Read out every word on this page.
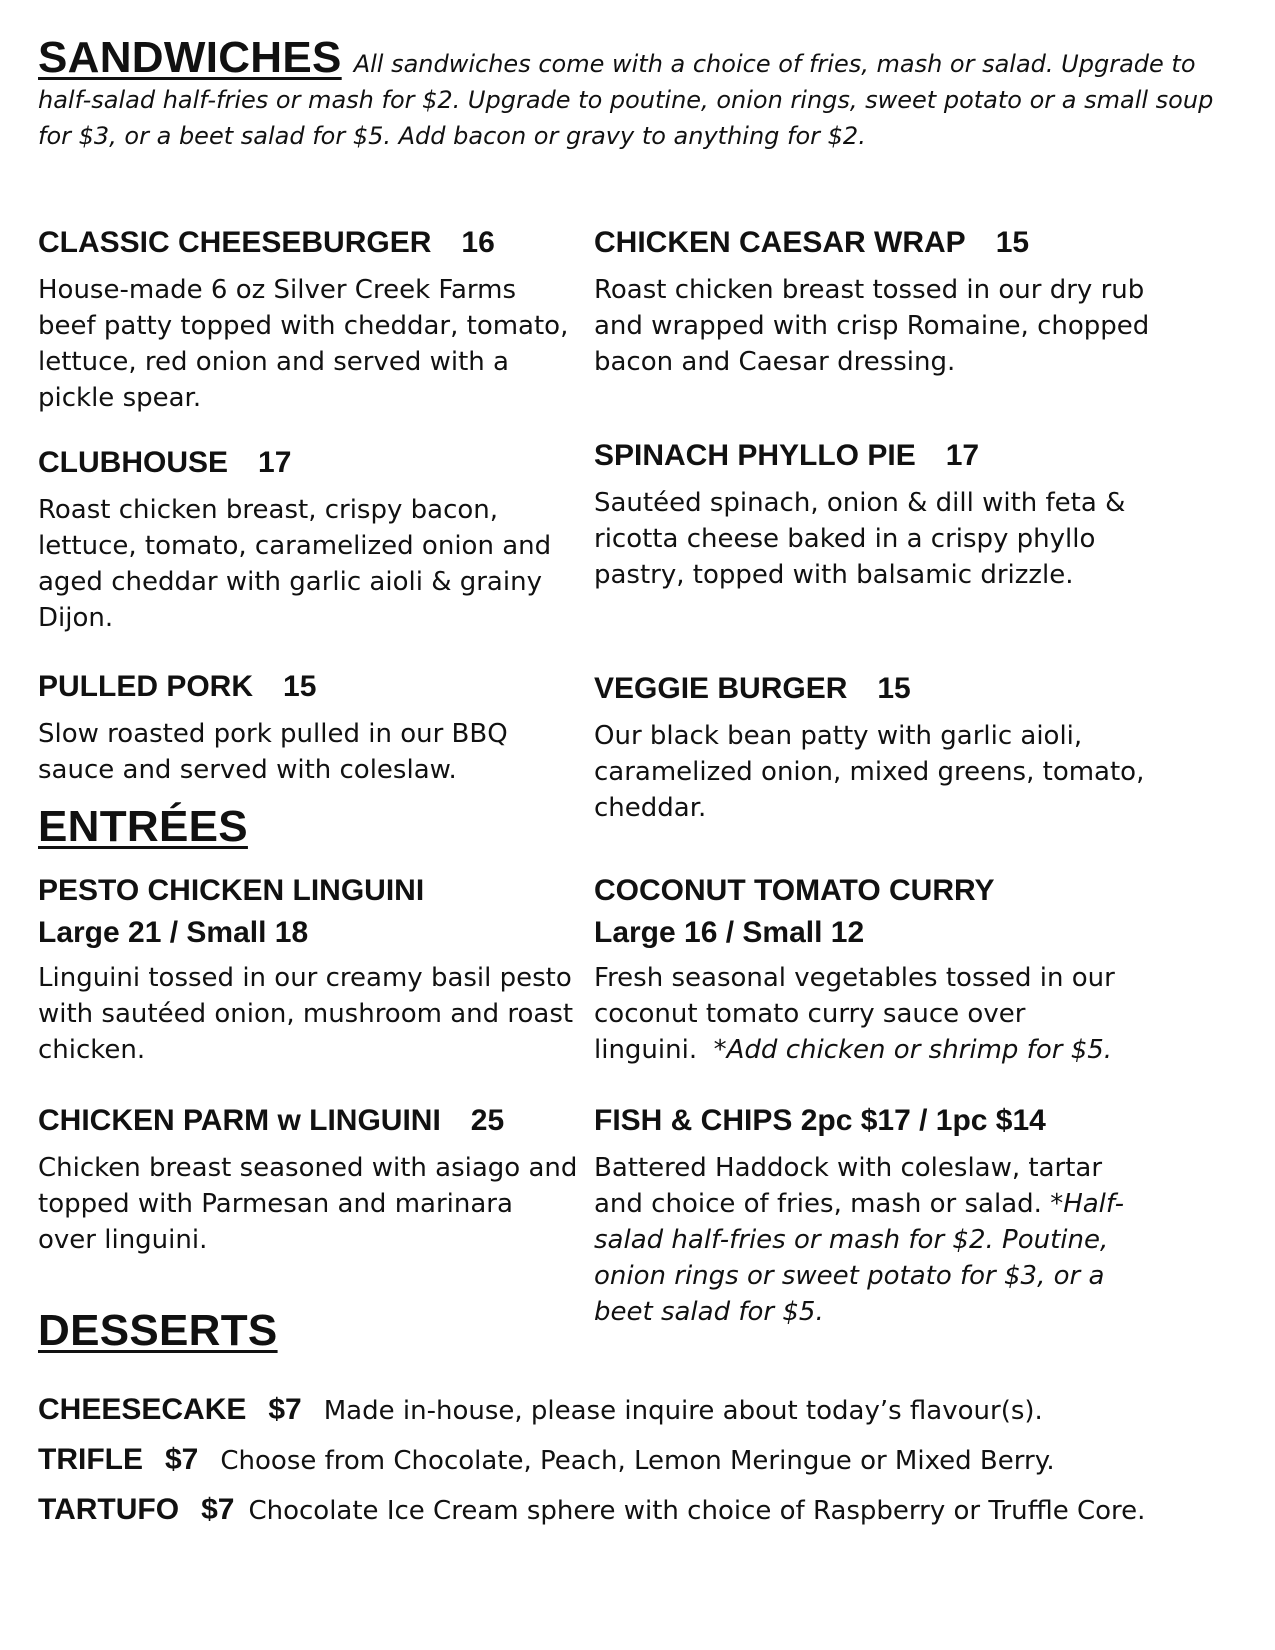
SANDWICHES All sandwiches come with a choice of fries, mash or salad. Upgrade to half-salad half-fries or mash for $2. Upgrade to poutine, onion rings, sweet potato or a small soup for $3, or a beet salad for $5. Add bacon or gravy to anything for $2.
CLASSIC CHEESEBURGER 16
House-made 6 oz Silver Creek Farms beef patty topped with cheddar, tomato, lettuce, red onion and served with a pickle spear.
CLUBHOUSE 17
Roast chicken breast, crispy bacon, lettuce, tomato, caramelized onion and aged cheddar with garlic aioli & grainy Dijon.
PULLED PORK 15
Slow roasted pork pulled in our BBQ sauce and served with coleslaw.
CHICKEN CAESAR WRAP 15
Roast chicken breast tossed in our dry rub and wrapped with crisp Romaine, chopped bacon and Caesar dressing.
SPINACH PHYLLO PIE 17
Sautéed spinach, onion & dill with feta & ricotta cheese baked in a crispy phyllo pastry, topped with balsamic drizzle.
VEGGIE BURGER 15
Our black bean patty with garlic aioli, caramelized onion, mixed greens, tomato, cheddar.
ENTRÉES
PESTO CHICKEN LINGUINI
Large 21 / Small 18
Linguini tossed in our creamy basil pesto with sautéed onion, mushroom and roast chicken.
COCONUT TOMATO CURRY
Large 16 / Small 12
Fresh seasonal vegetables tossed in our coconut tomato curry sauce over linguini. *Add chicken or shrimp for $5.
CHICKEN PARM w LINGUINI 25
Chicken breast seasoned with asiago and topped with Parmesan and marinara over linguini.
FISH & CHIPS 2pc $17 / 1pc $14
Battered Haddock with coleslaw, tartar and choice of fries, mash or salad. *Half-salad half-fries or mash for $2. Poutine, onion rings or sweet potato for $3, or a beet salad for $5.
DESSERTS
CHEESECAKE $7 Made in-house, please inquire about today’s flavour(s).
TRIFLE $7 Choose from Chocolate, Peach, Lemon Meringue or Mixed Berry.
TARTUFO $7 Chocolate Ice Cream sphere with choice of Raspberry or Truffle Core.
